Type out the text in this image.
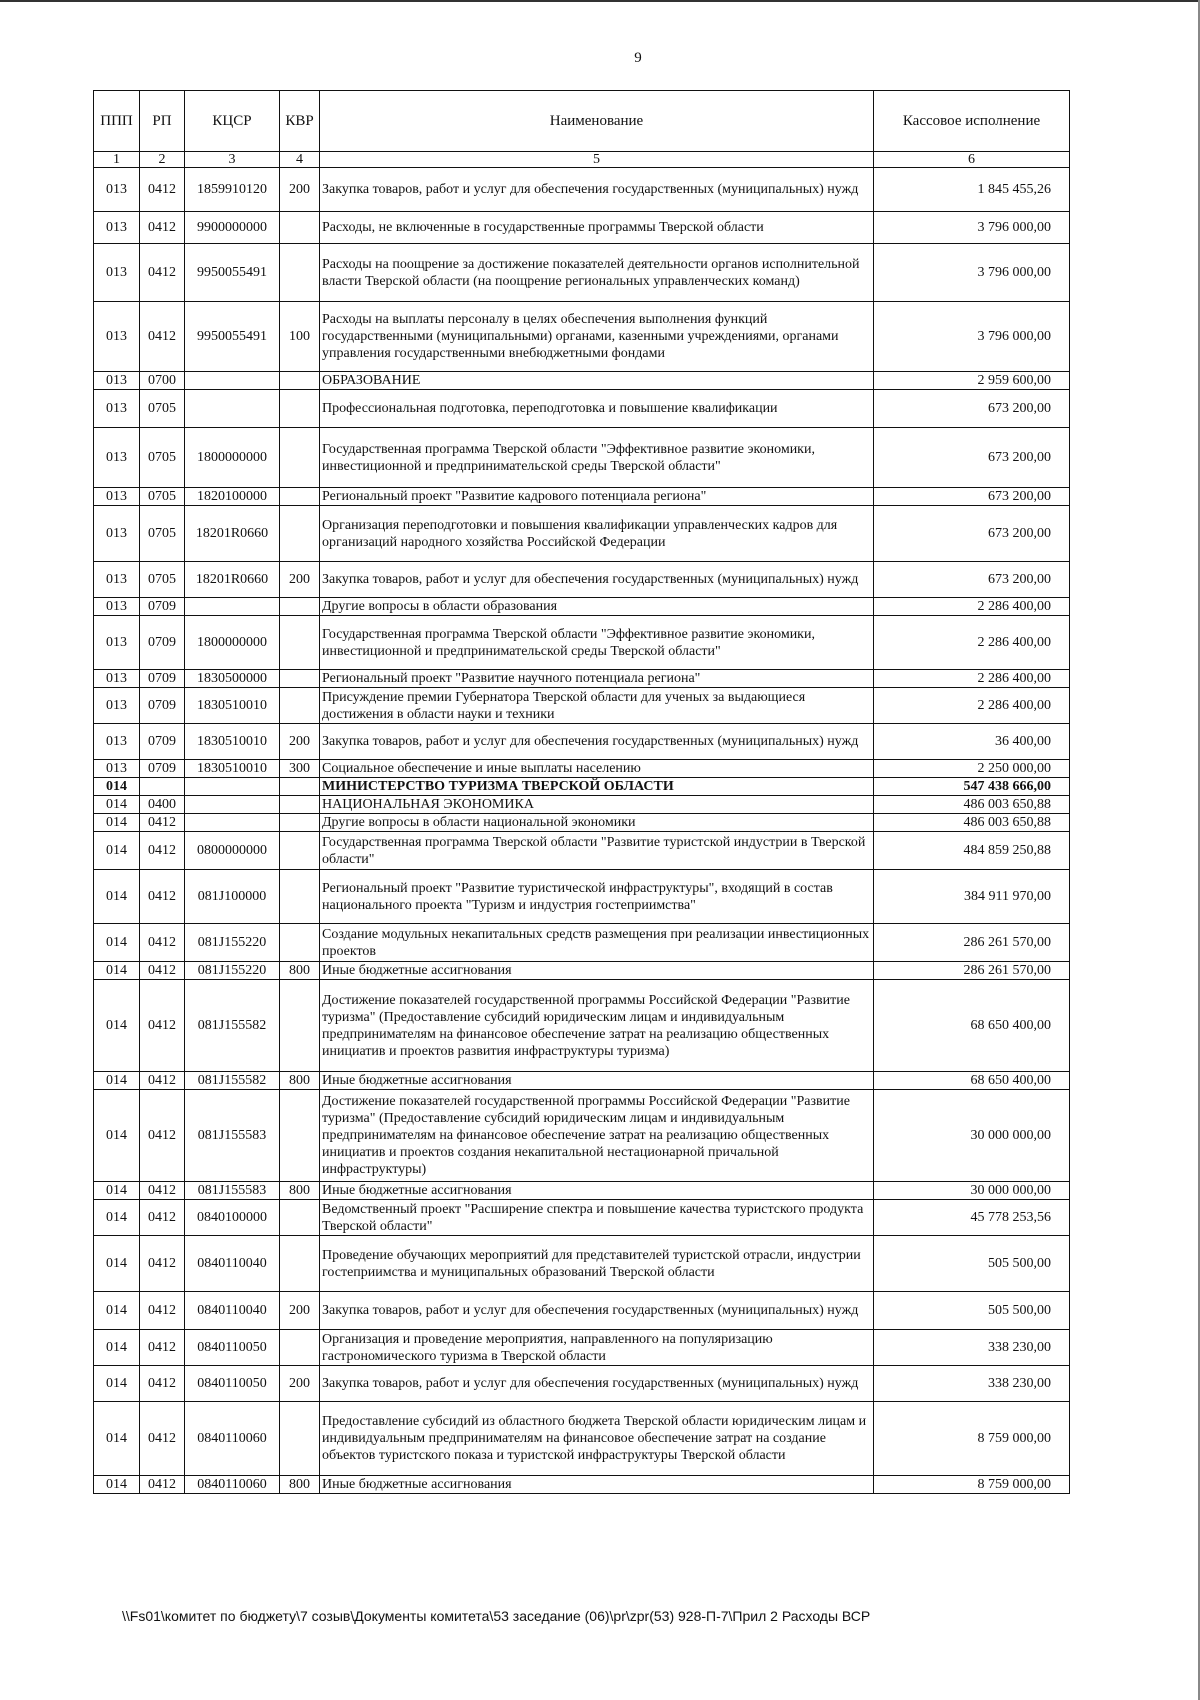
9
ППП	РП	КЦСР	КВР	Наименование	Кассовое исполнение
1	2	3	4	5	6
013	0412	1859910120	200	Закупка товаров, работ и услуг для обеспечения государственных (муниципальных) нужд	1 845 455,26
013	0412	9900000000		Расходы, не включенные в государственные программы Тверской области	3 796 000,00
013	0412	9950055491		Расходы на поощрение за достижение показателей деятельности органов исполнительной власти Тверской области (на поощрение региональных управленческих команд)	3 796 000,00
013	0412	9950055491	100	Расходы на выплаты персоналу в целях обеспечения выполнения функций государственными (муниципальными) органами, казенными учреждениями, органами управления государственными внебюджетными фондами	3 796 000,00
013	0700			ОБРАЗОВАНИЕ	2 959 600,00
013	0705			Профессиональная подготовка, переподготовка и повышение квалификации	673 200,00
013	0705	1800000000		Государственная программа Тверской области "Эффективное развитие экономики, инвестиционной и предпринимательской среды Тверской области"	673 200,00
013	0705	1820100000		Региональный проект "Развитие кадрового потенциала региона"	673 200,00
013	0705	18201R0660		Организация переподготовки и повышения квалификации управленческих кадров для организаций народного хозяйства Российской Федерации	673 200,00
013	0705	18201R0660	200	Закупка товаров, работ и услуг для обеспечения государственных (муниципальных) нужд	673 200,00
013	0709			Другие вопросы в области образования	2 286 400,00
013	0709	1800000000		Государственная программа Тверской области "Эффективное развитие экономики, инвестиционной и предпринимательской среды Тверской области"	2 286 400,00
013	0709	1830500000		Региональный проект "Развитие научного потенциала региона"	2 286 400,00
013	0709	1830510010		Присуждение премии Губернатора Тверской области для ученых за выдающиеся достижения в области науки и техники	2 286 400,00
013	0709	1830510010	200	Закупка товаров, работ и услуг для обеспечения государственных (муниципальных) нужд	36 400,00
013	0709	1830510010	300	Социальное обеспечение и иные выплаты населению	2 250 000,00
014				МИНИСТЕРСТВО ТУРИЗМА ТВЕРСКОЙ ОБЛАСТИ	547 438 666,00
014	0400			НАЦИОНАЛЬНАЯ ЭКОНОМИКА	486 003 650,88
014	0412			Другие вопросы в области национальной экономики	486 003 650,88
014	0412	0800000000		Государственная программа Тверской области "Развитие туристской индустрии в Тверской области"	484 859 250,88
014	0412	081J100000		Региональный проект "Развитие туристической инфраструктуры", входящий в состав национального проекта "Туризм и индустрия гостеприимства"	384 911 970,00
014	0412	081J155220		Создание модульных некапитальных средств размещения при реализации инвестиционных проектов	286 261 570,00
014	0412	081J155220	800	Иные бюджетные ассигнования	286 261 570,00
014	0412	081J155582		Достижение показателей государственной программы Российской Федерации "Развитие туризма" (Предоставление субсидий юридическим лицам и индивидуальным предпринимателям на финансовое обеспечение затрат на реализацию общественных инициатив и проектов развития инфраструктуры туризма)	68 650 400,00
014	0412	081J155582	800	Иные бюджетные ассигнования	68 650 400,00
014	0412	081J155583		Достижение показателей государственной программы Российской Федерации "Развитие туризма" (Предоставление субсидий юридическим лицам и индивидуальным предпринимателям на финансовое обеспечение затрат на реализацию общественных инициатив и проектов создания некапитальной нестационарной причальной инфраструктуры)	30 000 000,00
014	0412	081J155583	800	Иные бюджетные ассигнования	30 000 000,00
014	0412	0840100000		Ведомственный проект "Расширение спектра и повышение качества туристского продукта Тверской области"	45 778 253,56
014	0412	0840110040		Проведение обучающих мероприятий для представителей туристской отрасли, индустрии гостеприимства и муниципальных образований Тверской области	505 500,00
014	0412	0840110040	200	Закупка товаров, работ и услуг для обеспечения государственных (муниципальных) нужд	505 500,00
014	0412	0840110050		Организация и проведение мероприятия, направленного на популяризацию гастрономического туризма в Тверской области	338 230,00
014	0412	0840110050	200	Закупка товаров, работ и услуг для обеспечения государственных (муниципальных) нужд	338 230,00
014	0412	0840110060		Предоставление субсидий из областного бюджета Тверской области юридическим лицам и индивидуальным предпринимателям на финансовое обеспечение затрат на создание объектов туристского показа и туристской инфраструктуры Тверской области	8 759 000,00
014	0412	0840110060	800	Иные бюджетные ассигнования	8 759 000,00
\\Fs01\комитет по бюджету\7 созыв\Документы комитета\53 заседание (06)\pr\zpr(53) 928-П-7\Прил 2 Расходы ВСР
